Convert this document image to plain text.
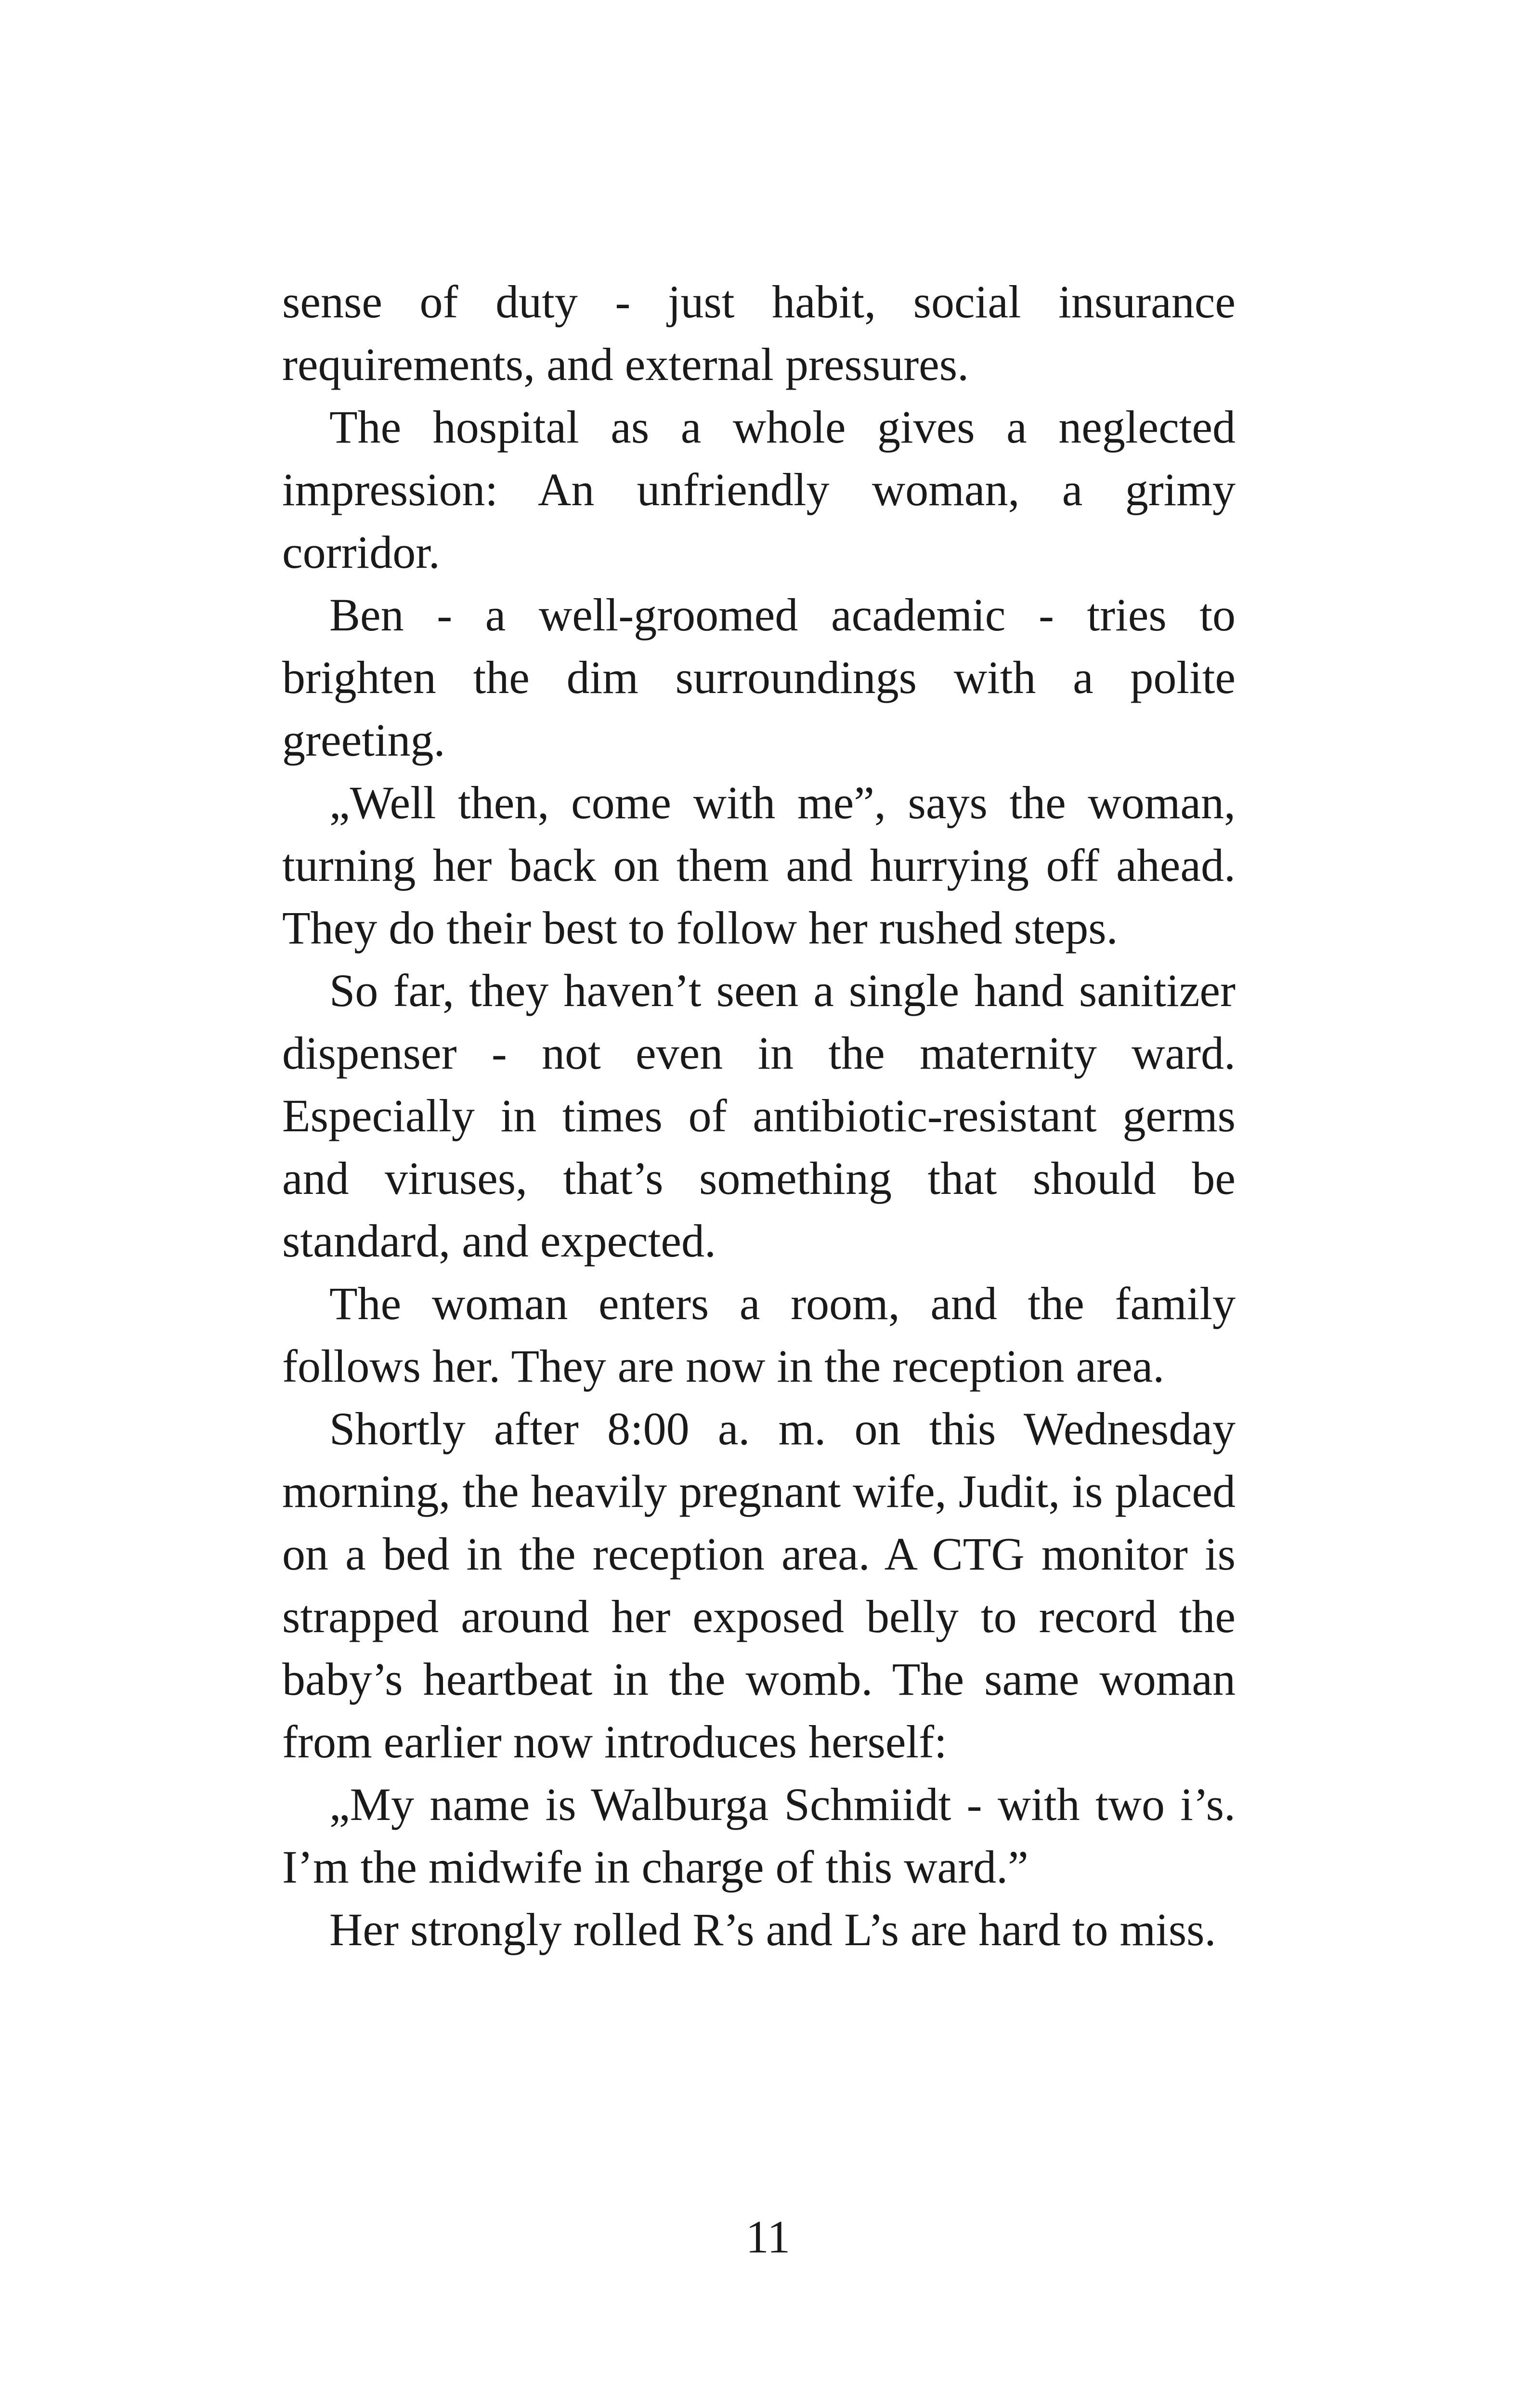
sense of duty - just habit, social insurance requirements, and external pressures.

The hospital as a whole gives a neglected impression: An unfriendly woman, a grimy corridor.

Ben - a well-groomed academic - tries to brighten the dim surroundings with a polite greeting.

„Well then, come with me”, says the woman, turning her back on them and hurrying off ahead. They do their best to follow her rushed steps.

So far, they haven’t seen a single hand sanitizer dispenser - not even in the maternity ward. Especially in times of antibiotic-resistant germs and viruses, that’s something that should be standard, and expected.

The woman enters a room, and the family follows her. They are now in the reception area.

Shortly after 8:00 a. m. on this Wednesday morning, the heavily pregnant wife, Judit, is placed on a bed in the reception area. A CTG monitor is strapped around her exposed belly to record the baby’s heartbeat in the womb. The same woman from earlier now introduces herself:

„My name is Walburga Schmiidt - with two i’s. I’m the midwife in charge of this ward.”

Her strongly rolled R’s and L’s are hard to miss.

11
